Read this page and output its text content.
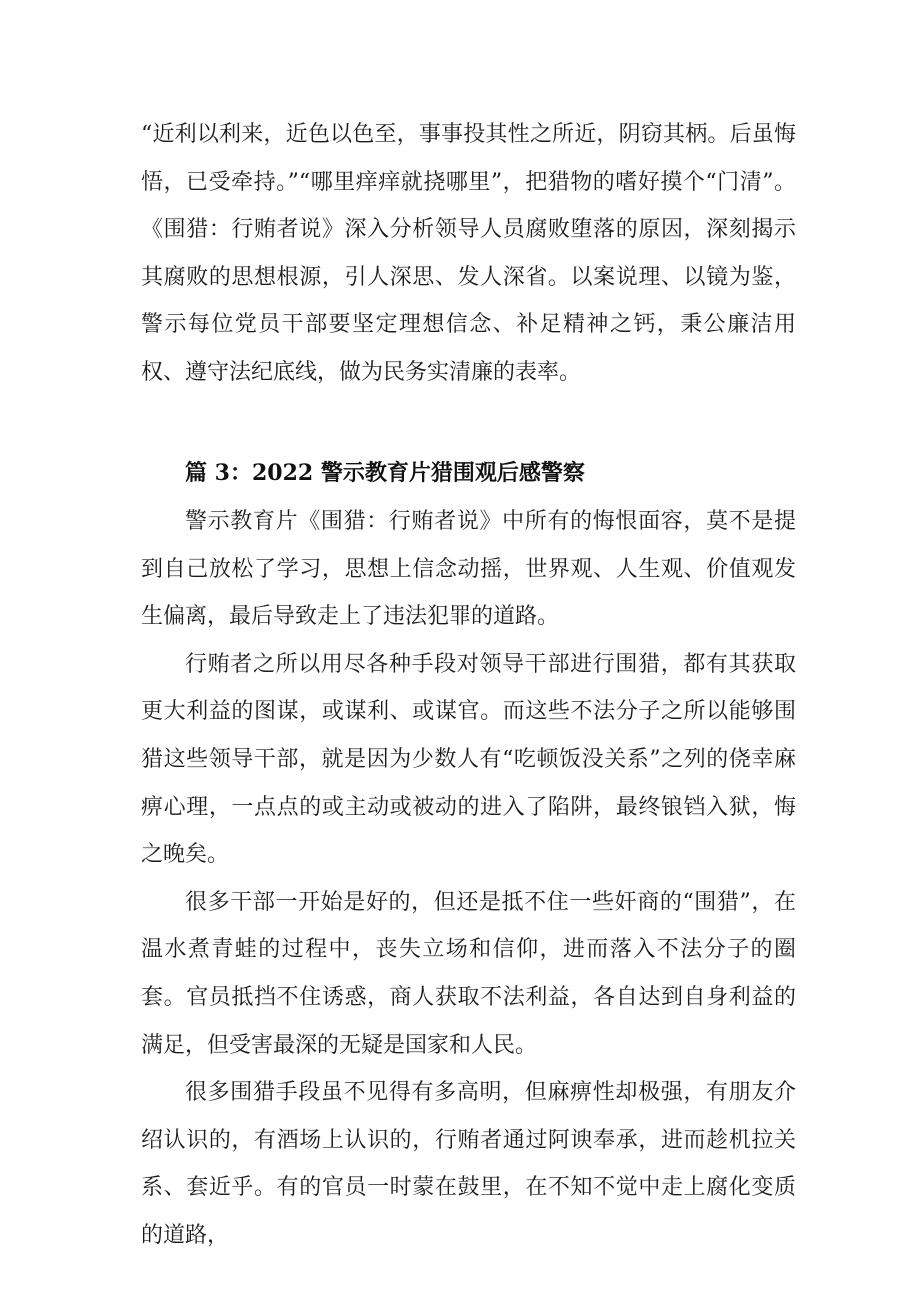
“近利以利来，近色以色至，事事投其性之所近，阴窃其柄。后虽悔悟，已受牵持。”“哪里痒痒就挠哪里”，把猎物的嗜好摸个“门清”。《围猎：行贿者说》深入分析领导人员腐败堕落的原因，深刻揭示其腐败的思想根源，引人深思、发人深省。以案说理、以镜为鉴，警示每位党员干部要坚定理想信念、补足精神之钙，秉公廉洁用权、遵守法纪底线，做为民务实清廉的表率。

篇 3：2022 警示教育片猎围观后感警察

警示教育片《围猎：行贿者说》中所有的悔恨面容，莫不是提到自己放松了学习，思想上信念动摇，世界观、人生观、价值观发生偏离，最后导致走上了违法犯罪的道路。

行贿者之所以用尽各种手段对领导干部进行围猎，都有其获取更大利益的图谋，或谋利、或谋官。而这些不法分子之所以能够围猎这些领导干部，就是因为少数人有“吃顿饭没关系”之列的侥幸麻痹心理，一点点的或主动或被动的进入了陷阱，最终锒铛入狱，悔之晚矣。

很多干部一开始是好的，但还是抵不住一些奸商的“围猎”，在温水煮青蛙的过程中，丧失立场和信仰，进而落入不法分子的圈套。官员抵挡不住诱惑，商人获取不法利益，各自达到自身利益的满足，但受害最深的无疑是国家和人民。

很多围猎手段虽不见得有多高明，但麻痹性却极强，有朋友介绍认识的，有酒场上认识的，行贿者通过阿谀奉承，进而趁机拉关系、套近乎。有的官员一时蒙在鼓里，在不知不觉中走上腐化变质的道路，
